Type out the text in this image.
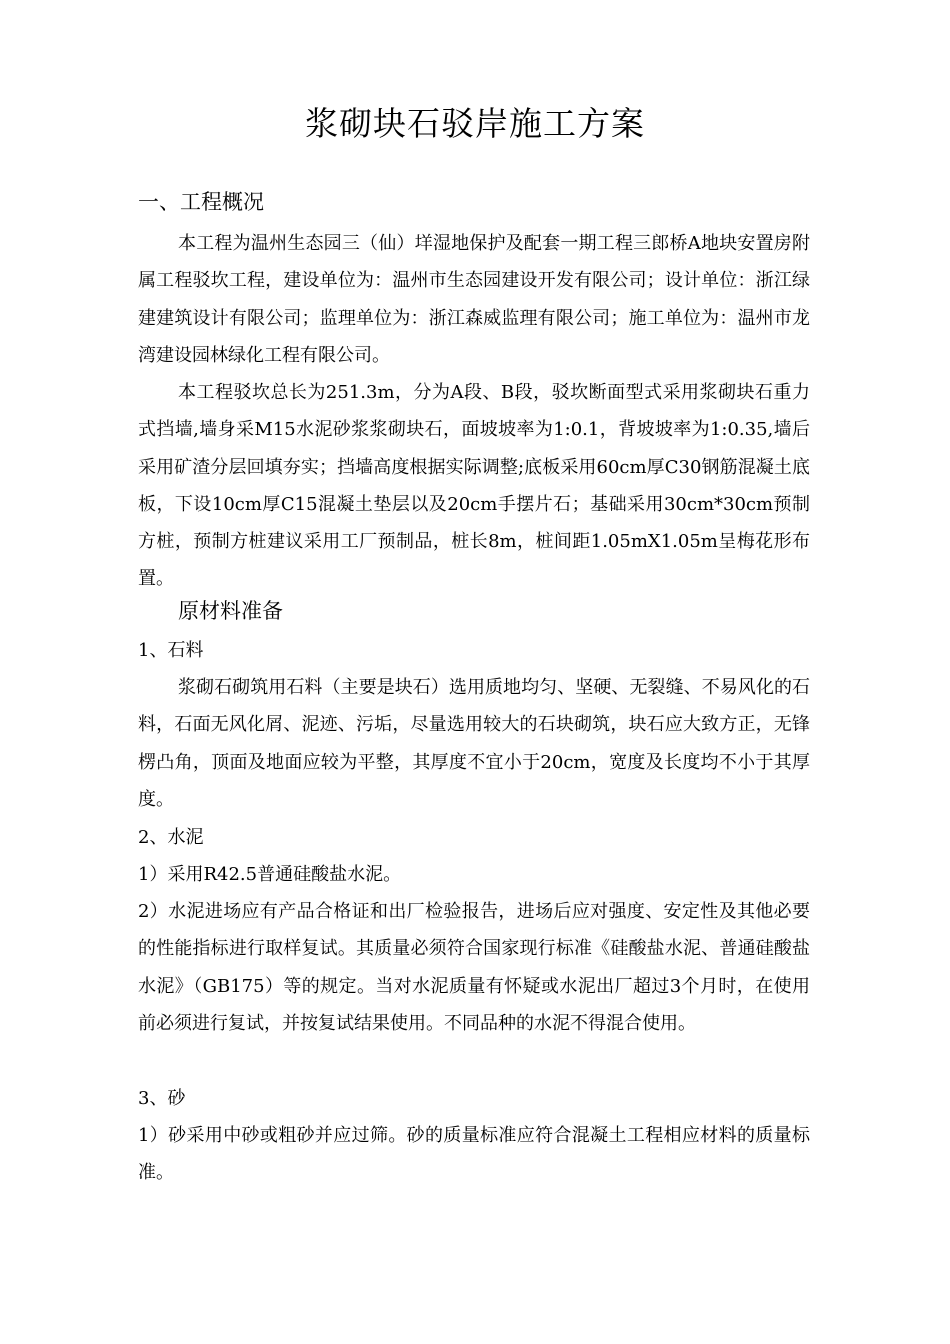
浆砌块石驳岸施工方案
一、工程概况

本工程为温州生态园三（仙）垟湿地保护及配套一期工程三郎桥A地块安置房附属工程驳坎工程，建设单位为：温州市生态园建设开发有限公司；设计单位：浙江绿建建筑设计有限公司；监理单位为：浙江森威监理有限公司；施工单位为：温州市龙湾建设园林绿化工程有限公司。

本工程驳坎总长为251.3m，分为A段、B段，驳坎断面型式采用浆砌块石重力式挡墙,墙身采M15水泥砂浆浆砌块石，面坡坡率为1:0.1，背坡坡率为1:0.35,墙后采用矿渣分层回填夯实；挡墙高度根据实际调整;底板采用60cm厚C30钢筋混凝土底板，下设10cm厚C15混凝土垫层以及20cm手摆片石；基础采用30cm*30cm预制方桩，预制方桩建议采用工厂预制品，桩长8m，桩间距1.05mX1.05m呈梅花形布置。

原材料准备
1、石料

浆砌石砌筑用石料（主要是块石）选用质地均匀、坚硬、无裂缝、不易风化的石料，石面无风化屑、泥迹、污垢，尽量选用较大的石块砌筑，块石应大致方正，无锋楞凸角，顶面及地面应较为平整，其厚度不宜小于20cm，宽度及长度均不小于其厚度。

2、水泥
1）采用R42.5普通硅酸盐水泥。

2）水泥进场应有产品合格证和出厂检验报告，进场后应对强度、安定性及其他必要的性能指标进行取样复试。其质量必须符合国家现行标准《硅酸盐水泥、普通硅酸盐水泥》（GB175）等的规定。当对水泥质量有怀疑或水泥出厂超过3个月时，在使用前必须进行复试，并按复试结果使用。不同品种的水泥不得混合使用。

3、砂

1）砂采用中砂或粗砂并应过筛。砂的质量标准应符合混凝土工程相应材料的质量标准。
